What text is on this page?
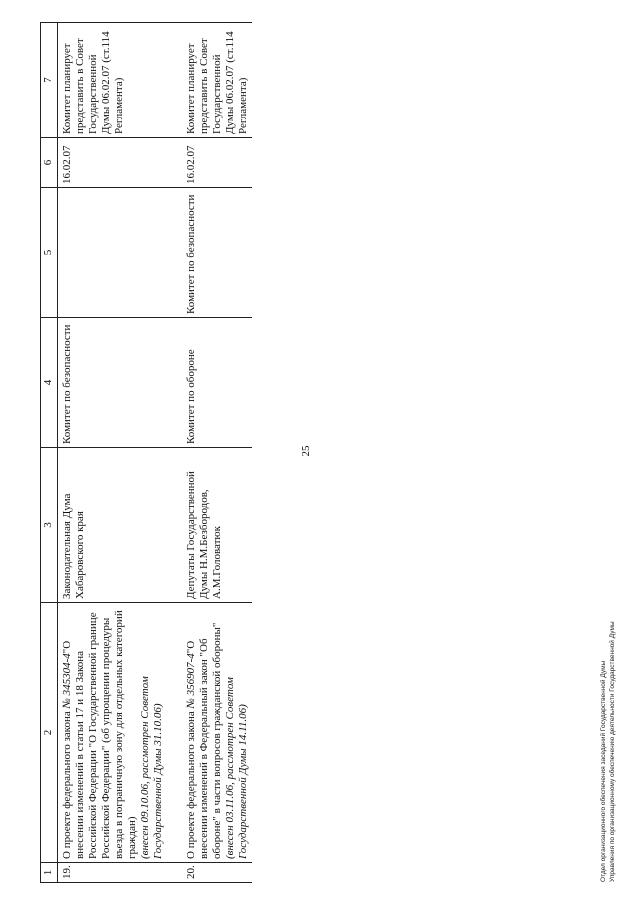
25
1	2	3	4	5	6	7
19.	О проекте федерального закона № 345304-4"О внесении изменений в статьи 17 и 18 Закона Российской Федерации "О Государственной границе Российской Федерации" (об упрощении процедуры въезда в пограничную зону для отдельных категорий граждан)
(внесен 09.10.06, рассмотрен Советом Государственной Думы 31.10.06)	Законодательная Дума Хабаровского края	Комитет по безопасности		16.02.07	Комитет планирует представить в Совет Государственной Думы 06.02.07 (ст.114 Регламента)
20.	О проекте федерального закона № 356907-4"О внесении изменений в Федеральный закон "Об обороне" в части вопросов гражданской обороны"
(внесен 03.11.06, рассмотрен Советом Государственной Думы 14.11.06)	Депутаты Государственной Думы Н.М.Безбородов, А.М.Головатюк	Комитет по обороне	Комитет по безопасности	16.02.07	Комитет планирует представить в Совет Государственной Думы 06.02.07 (ст.114 Регламента)
Отдел организационного обеспечения заседаний Государственной Думы Управления по организационному обеспечению деятельности Государственной Думы
